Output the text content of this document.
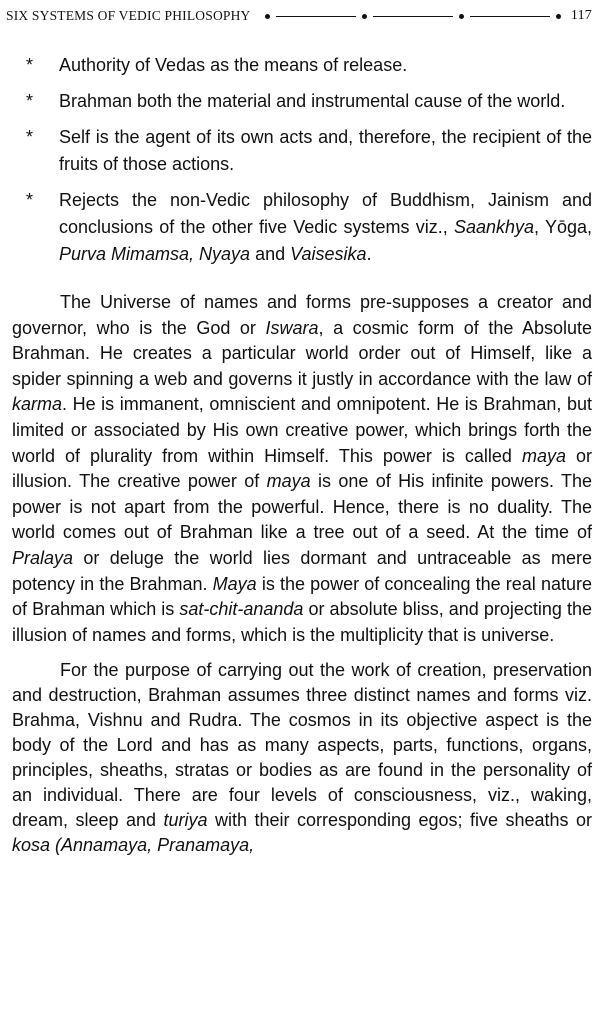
SIX SYSTEMS OF VEDIC PHILOSOPHY	117
* Authority of Vedas as the means of release.
* Brahman both the material and instrumental cause of the world.
* Self is the agent of its own acts and, therefore, the recipient of the fruits of those actions.
* Rejects the non-Vedic philosophy of Buddhism, Jainism and conclusions of the other five Vedic systems viz., Saankhya, Yōga, Purva Mimamsa, Nyaya and Vaisesika.

The Universe of names and forms pre-supposes a creator and governor, who is the God or Iswara, a cosmic form of the Absolute Brahman. He creates a particular world order out of Himself, like a spider spinning a web and governs it justly in accordance with the law of karma. He is immanent, omniscient and omnipotent. He is Brahman, but limited or associated by His own creative power, which brings forth the world of plurality from within Himself. This power is called maya or illusion. The creative power of maya is one of His infinite powers. The power is not apart from the powerful. Hence, there is no duality. The world comes out of Brahman like a tree out of a seed. At the time of Pralaya or deluge the world lies dormant and untraceable as mere potency in the Brahman. Maya is the power of concealing the real nature of Brahman which is sat-chit-ananda or absolute bliss, and projecting the illusion of names and forms, which is the multiplicity that is universe.

For the purpose of carrying out the work of creation, preservation and destruction, Brahman assumes three distinct names and forms viz. Brahma, Vishnu and Rudra. The cosmos in its objective aspect is the body of the Lord and has as many aspects, parts, functions, organs, principles, sheaths, stratas or bodies as are found in the personality of an individual. There are four levels of consciousness, viz., waking, dream, sleep and turiya with their corresponding egos; five sheaths or kosa (Annamaya, Pranamaya,
